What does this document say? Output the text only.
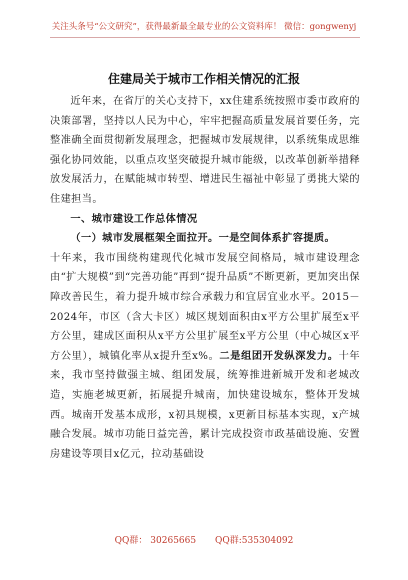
关注头条号“公文研究”，获得最新最全最专业的公文资料库！ 微信：gongwenyj
住建局关于城市工作相关情况的汇报

近年来，在省厅的关心支持下，xx住建系统按照市委市政府的决策部署，坚持以人民为中心，牢牢把握高质量发展首要任务，完整准确全面贯彻新发展理念，把握城市发展规律，以系统集成思维强化协同效能，以重点攻坚突破提升城市能级，以改革创新举措释放发展活力，在赋能城市转型、增进民生福祉中彰显了勇挑大梁的住建担当。

一、城市建设工作总体情况

（一）城市发展框架全面拉开。一是空间体系扩容提质。

十年来，我市围绕构建现代化城市发展空间格局，城市建设理念由“扩大规模”到“完善功能”再到“提升品质”不断更新，更加突出保障改善民生，着力提升城市综合承载力和宜居宜业水平。2015－2024年，市区（含大卡区）城区规划面积由x平方公里扩展至x平方公里，建成区面积从x平方公里扩展至x平方公里（中心城区x平方公里），城镇化率从x提升至x%。二是组团开发纵深发力。十年来，我市坚持做强主城、组团发展，统筹推进新城开发和老城改造，实施老城更新，拓展提升城南，加快建设城东，整体开发城西。城南开发基本成形，x初具规模，x更新目标基本实现，x产城融合发展。城市功能日益完善，累计完成投资市政基础设施、安置房建设等项目x亿元，拉动基础设

QQ群： 30265665 QQ群:535304092
